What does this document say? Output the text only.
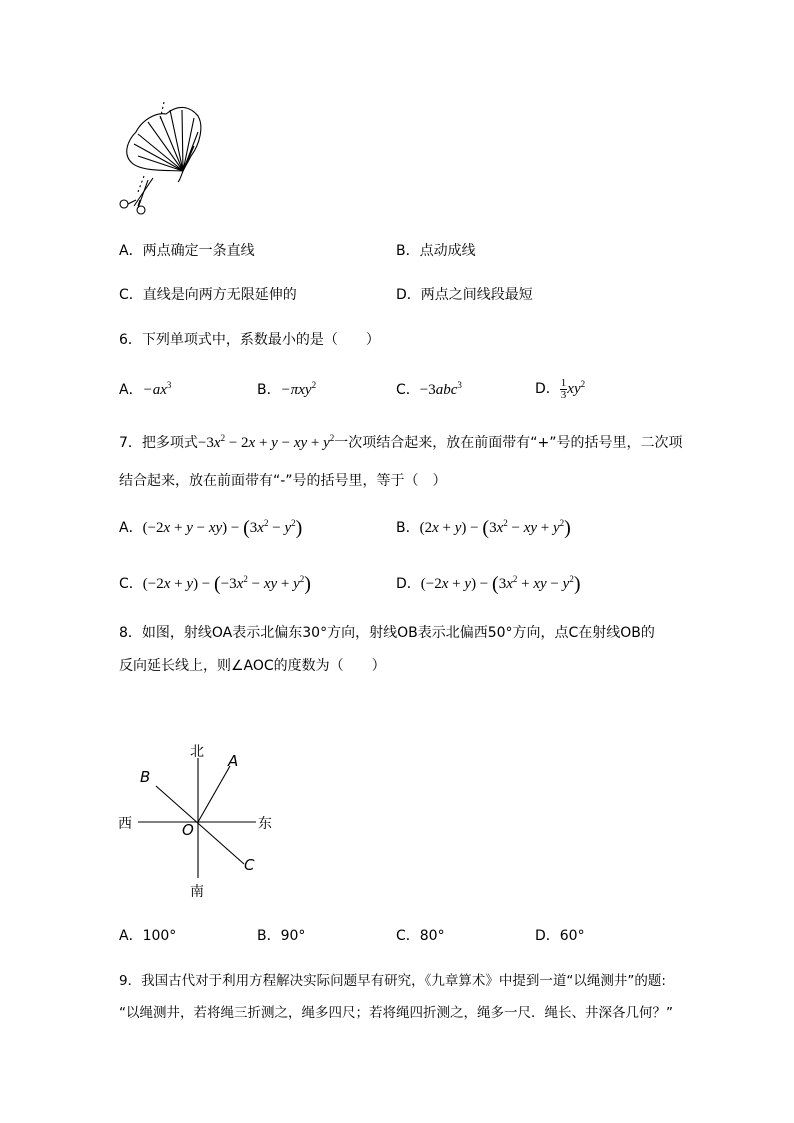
A．两点确定一条直线	B．点动成线
C．直线是向两方无限延伸的	D．两点之间线段最短
6．下列单项式中，系数最小的是（　　）
A．$-ax^3$	B．−πxy$^2$	C．−3abc$^3$	D． $\frac{1}{3} xy^2$
7．把多项式$-3x^2 - 2x + y$ − xy + $y^2$一次项结合起来，放在前面带有“+”号的括号里，二次项
结合起来，放在前面带有“-”号的括号里，等于（　）
A．$(-2x + y - xy) - (3x^2 - y^2)$	B．$(2x + y) - (3x^2$ − xy + $y^2$)
C．$(-2x + y) - (-3x^2$ − xy + $y^2$)	D．$(-2x + y) - (3x^2$ + xy − $y^2$)
8．如图，射线OA表示北偏东30°方向，射线OB表示北偏西50°方向，点C在射线OB的
反向延长线上，则∠AOC的度数为（　　）
北
南
西	东
A
B
C
O
A．100°	B．90°	C．80°	D．60°
9．我国古代对于利用方程解决实际问题早有研究，《九章算术》中提到一道“以绳测井”的题:
“以绳测井，若将绳三折测之，绳多四尺；若将绳四折测之，绳多一尺．绳长、井深各几何？”
